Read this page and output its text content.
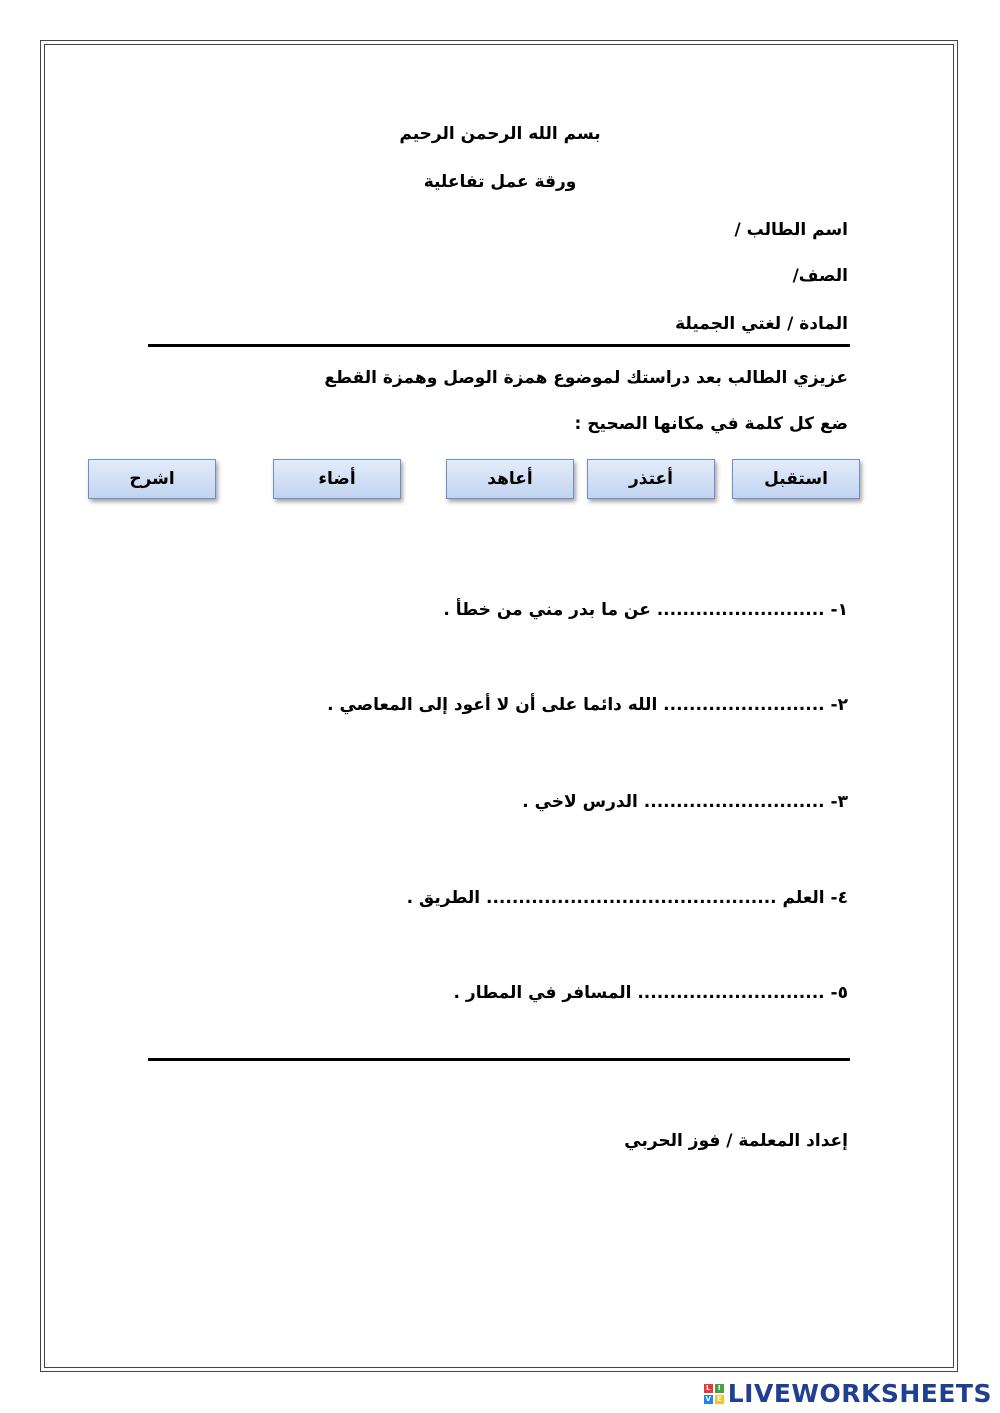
بسم الله الرحمن الرحيم
ورقة عمل تفاعلية
اسم الطالب /
الصف/
المادة / لغتي الجميلة
عزيزي الطالب بعد دراستك لموضوع همزة الوصل وهمزة القطع
ضع كل كلمة في مكانها الصحيح :
استقبل
أعتذر
أعاهد
أضاء
اشرح
١- .......................... عن ما بدر مني من خطأ .
٢- ......................... الله دائما على أن لا أعود إلى المعاصي .
٣- ............................ الدرس لاخي .
٤- العلم ............................................. الطريق .
٥- ............................. المسافر في المطار .
إعداد المعلمة / فوز الحربي
L	I
V E LIVEWORKSHEETS
